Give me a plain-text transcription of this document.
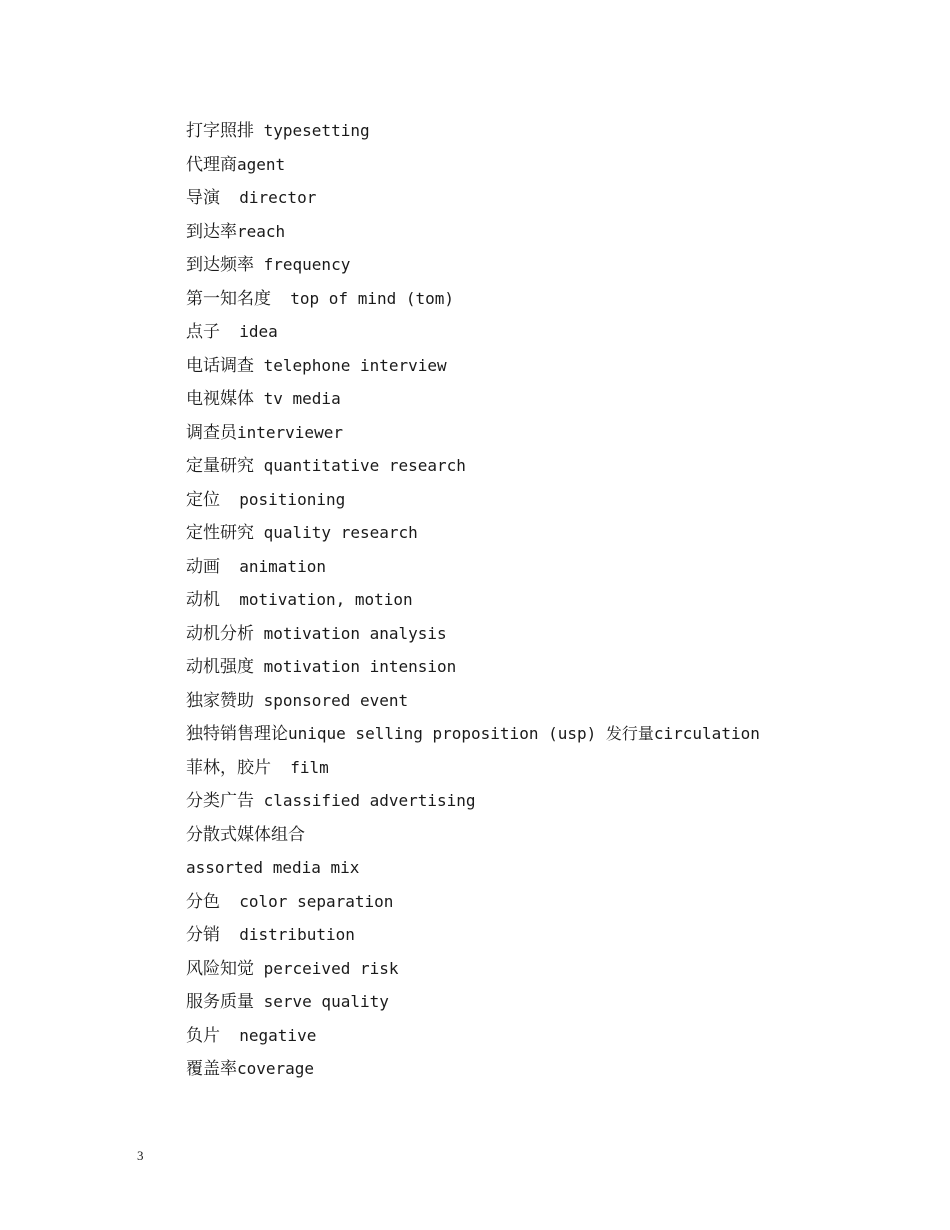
打字照排 typesetting
代理商agent
导演  director
到达率reach
到达频率 frequency
第一知名度  top of mind (tom)
点子  idea
电话调查 telephone interview
电视媒体 tv media
调查员interviewer
定量研究 quantitative research
定位  positioning
定性研究 quality research
动画  animation
动机  motivation, motion
动机分析 motivation analysis
动机强度 motivation intension
独家赞助 sponsored event
独特销售理论unique selling proposition (usp) 发行量circulation
菲林，胶片  film
分类广告 classified advertising
分散式媒体组合
assorted media mix
分色  color separation
分销  distribution
风险知觉 perceived risk
服务质量 serve quality
负片  negative
覆盖率coverage
3
